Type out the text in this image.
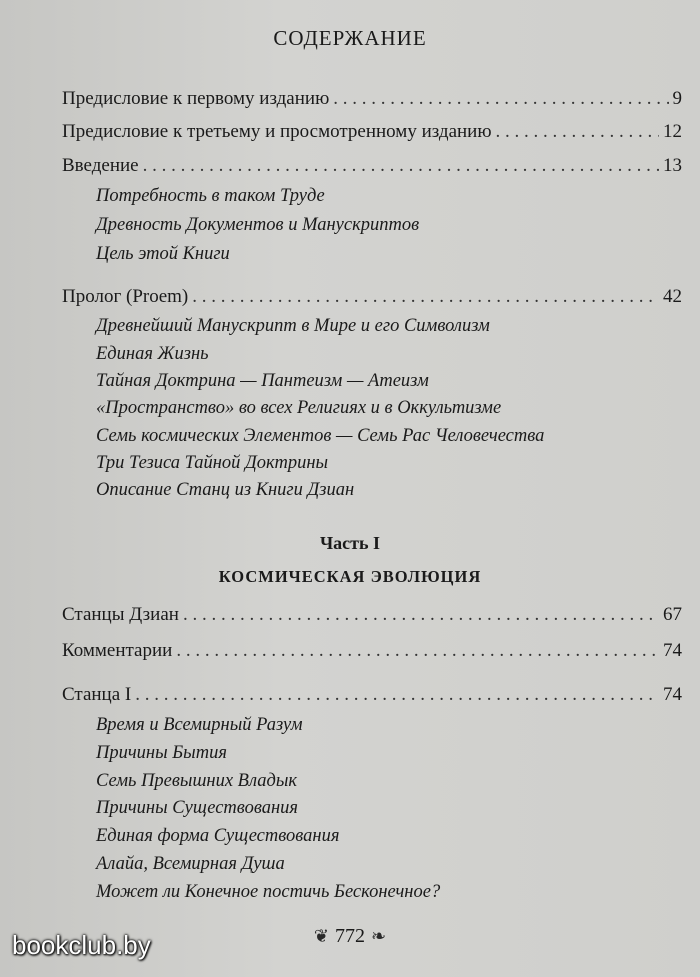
СОДЕРЖАНИЕ
Предисловие к первому изданию . . .	9
Предисловие к третьему и просмотренному изданию . . .	12
Введение . . .	13
Потребность в таком Труде
Древность Документов и Манускриптов
Цель этой Книги
Пролог (Proem) . . .	42
Древнейший Манускрипт в Мире и его Символизм
Единая Жизнь
Тайная Доктрина — Пантеизм — Атеизм
«Пространство» во всех Религиях и в Оккультизме
Семь космических Элементов — Семь Рас Человечества
Три Тезиса Тайной Доктрины
Описание Станц из Книги Дзиан
Часть I
КОСМИЧЕСКАЯ ЭВОЛЮЦИЯ
Станцы Дзиан . . .	67
Комментарии . . .	74
Станца I . . .	74
Время и Всемирный Разум
Причины Бытия
Семь Превышних Владык
Причины Существования
Единая форма Существования
Алайа, Всемирная Душа
Может ли Конечное постичь Бесконечное?
❦ 772 ❧
bookclub.by
